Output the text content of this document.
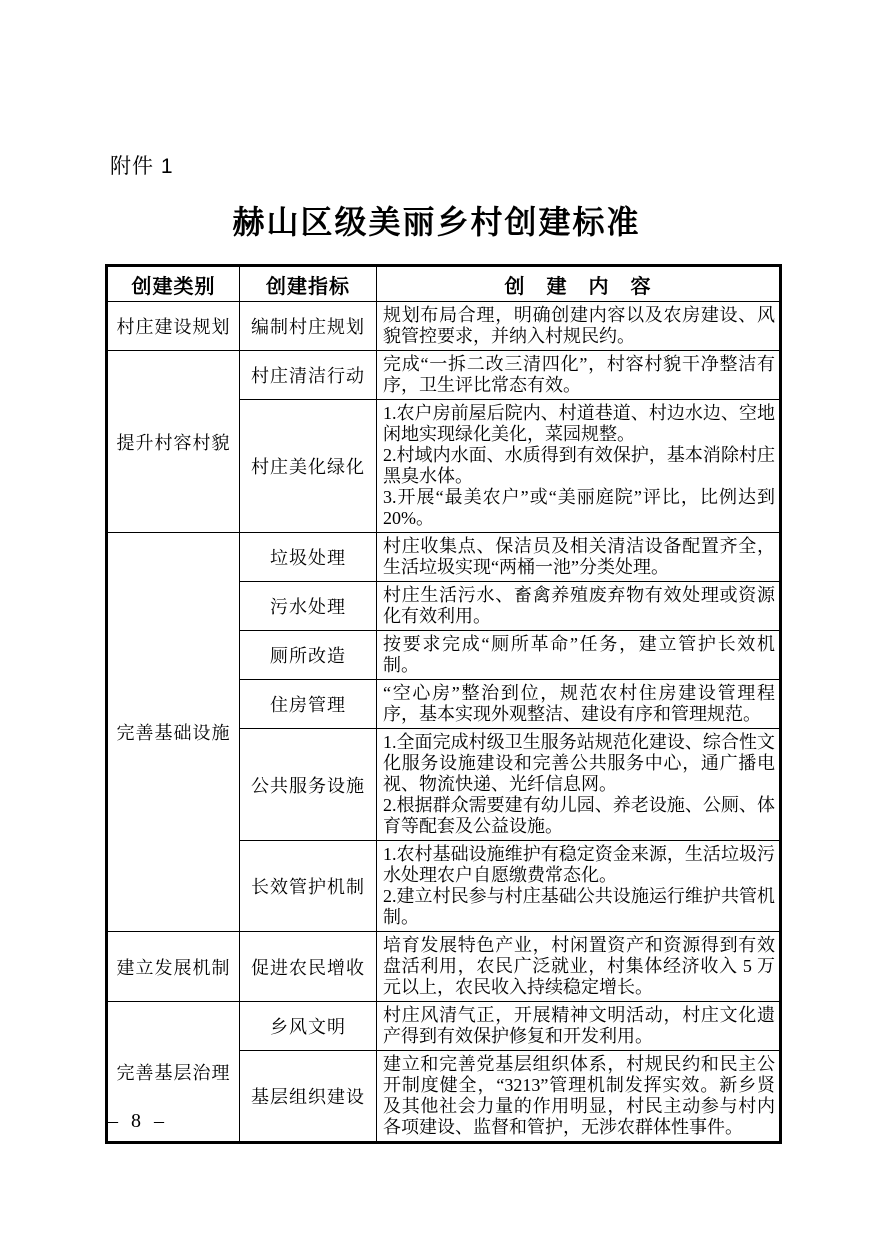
附件 1
赫山区级美丽乡村创建标准
创建类别	创建指标	创　建　内　容
村庄建设规划	编制村庄规划	规划布局合理，明确创建内容以及农房建设、风貌管控要求，并纳入村规民约。

提升村容村貌	村庄清洁行动	完成“一拆二改三清四化”，村容村貌干净整洁有序，卫生评比常态有效。

	村庄美化绿化	1.农户房前屋后院内、村道巷道、村边水边、空地闲地实现绿化美化，菜园规整。
2.村域内水面、水质得到有效保护，基本消除村庄黑臭水体。
3.开展“最美农户”或“美丽庭院”评比，比例达到20%。

完善基础设施	垃圾处理	村庄收集点、保洁员及相关清洁设备配置齐全，生活垃圾实现“两桶一池”分类处理。

	污水处理	村庄生活污水、畜禽养殖废弃物有效处理或资源化有效利用。

	厕所改造	按要求完成“厕所革命”任务，建立管护长效机制。

	住房管理	“空心房”整治到位，规范农村住房建设管理程序，基本实现外观整洁、建设有序和管理规范。

	公共服务设施	1.全面完成村级卫生服务站规范化建设、综合性文化服务设施建设和完善公共服务中心，通广播电视、物流快递、光纤信息网。
2.根据群众需要建有幼儿园、养老设施、公厕、体育等配套及公益设施。

	长效管护机制	1.农村基础设施维护有稳定资金来源，生活垃圾污水处理农户自愿缴费常态化。
2.建立村民参与村庄基础公共设施运行维护共管机制。

建立发展机制	促进农民增收	培育发展特色产业，村闲置资产和资源得到有效盘活利用，农民广泛就业，村集体经济收入 5 万元以上，农民收入持续稳定增长。

完善基层治理	乡风文明	村庄风清气正，开展精神文明活动，村庄文化遗产得到有效保护修复和开发利用。

	基层组织建设	建立和完善党基层组织体系，村规民约和民主公开制度健全，“3213”管理机制发挥实效。新乡贤及其他社会力量的作用明显，村民主动参与村内各项建设、监督和管护，无涉农群体性事件。
– 8 –
